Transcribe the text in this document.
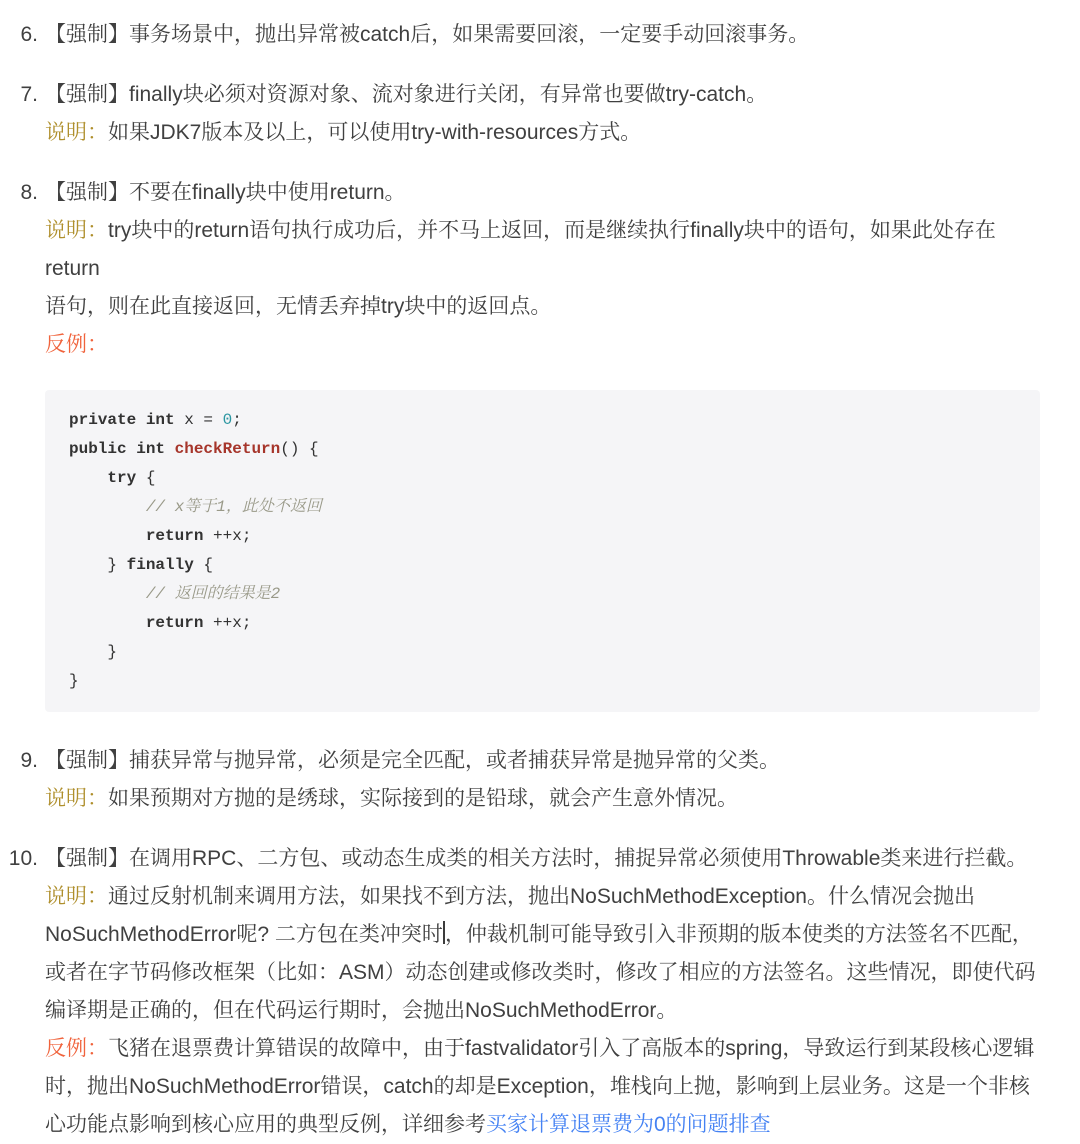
6. 【强制】事务场景中，抛出异常被catch后，如果需要回滚，一定要手动回滚事务。

7. 【强制】finally块必须对资源对象、流对象进行关闭，有异常也要做try-catch。

说明：如果JDK7版本及以上，可以使用try-with-resources方式。

8. 【强制】不要在finally块中使用return。

说明：try块中的return语句执行成功后，并不马上返回，而是继续执行finally块中的语句，如果此处存在return
语句，则在此直接返回，无情丢弃掉try块中的返回点。

反例：

private int x = 0;
public int checkReturn() {
try {
// x等于1，此处不返回
return ++x;
} finally {
// 返回的结果是2
return ++x;
}
}

9. 【强制】捕获异常与抛异常，必须是完全匹配，或者捕获异常是抛异常的父类。

说明：如果预期对方抛的是绣球，实际接到的是铅球，就会产生意外情况。

10. 【强制】在调用RPC、二方包、或动态生成类的相关方法时，捕捉异常必须使用Throwable类来进行拦截。

说明：通过反射机制来调用方法，如果找不到方法，抛出NoSuchMethodException。什么情况会抛出
NoSuchMethodError呢? 二方包在类冲突时，仲裁机制可能导致引入非预期的版本使类的方法签名不匹配，
或者在字节码修改框架（比如：ASM）动态创建或修改类时，修改了相应的方法签名。这些情况，即使代码
编译期是正确的，但在代码运行期时，会抛出NoSuchMethodError。

反例：飞猪在退票费计算错误的故障中，由于fastvalidator引入了高版本的spring，导致运行到某段核心逻辑
时，抛出NoSuchMethodError错误，catch的却是Exception，堆栈向上抛，影响到上层业务。这是一个非核
心功能点影响到核心应用的典型反例，详细参考买家计算退票费为0的问题排查
